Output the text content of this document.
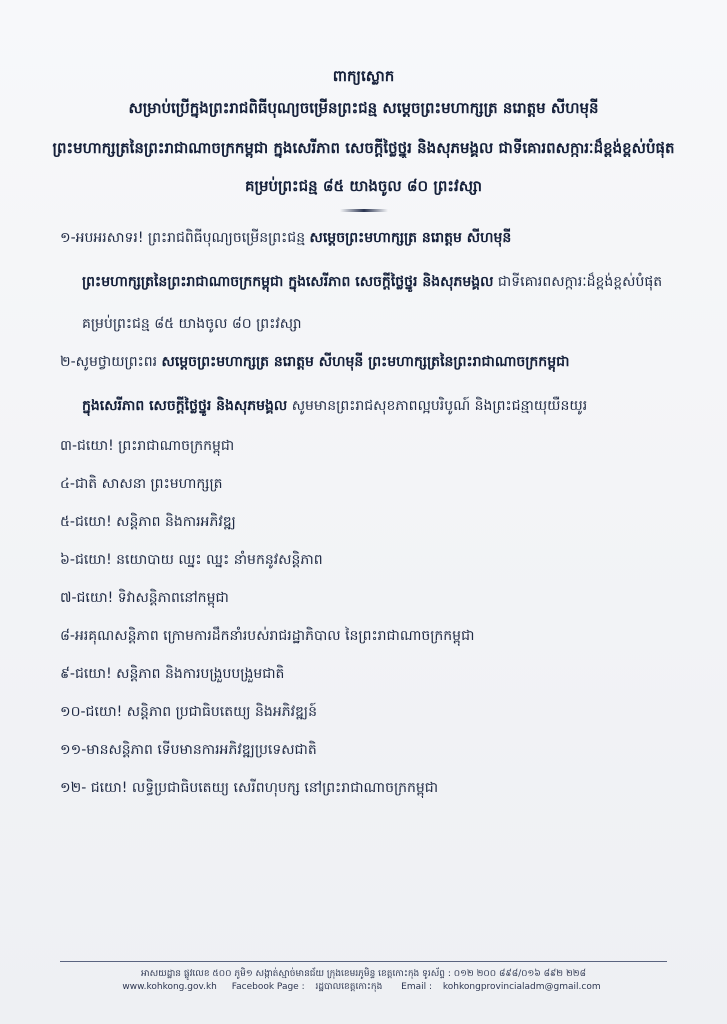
ពាក្យស្លោក
សម្រាប់ប្រើក្នុងព្រះរាជពិធីបុណ្យចម្រើនព្រះជន្ម សម្ដេចព្រះមហាក្សត្រ នរោត្តម សីហមុនី
ព្រះមហាក្សត្រនៃព្រះរាជាណាចក្រកម្ពុជា ក្នុងសេរីភាព សេចក្ដីថ្លៃថ្នូរ និងសុភមង្គល ជាទីគោរពសក្ការៈដ៏ខ្ពង់ខ្ពស់បំផុត
គម្រប់ព្រះជន្ម ៨៥ យាងចូល ៨០ ព្រះវស្សា
១-អបអរសាទរ! ព្រះរាជពិធីបុណ្យចម្រើនព្រះជន្ម សម្ដេចព្រះមហាក្សត្រ នរោត្តម សីហមុនី
ព្រះមហាក្សត្រនៃព្រះរាជាណាចក្រកម្ពុជា ក្នុងសេរីភាព សេចក្ដីថ្លៃថ្នូរ និងសុភមង្គល ជាទីគោរពសក្ការៈដ៏ខ្ពង់ខ្ពស់បំផុត
គម្រប់ព្រះជន្ម ៨៥ យាងចូល ៨០ ព្រះវស្សា
២-សូមថ្វាយព្រះពរ សម្ដេចព្រះមហាក្សត្រ នរោត្តម សីហមុនី ព្រះមហាក្សត្រនៃព្រះរាជាណាចក្រកម្ពុជា
ក្នុងសេរីភាព សេចក្ដីថ្លៃថ្នូរ និងសុភមង្គល សូមមានព្រះរាជសុខភាពល្អបរិបូណ៍ និងព្រះជន្មាយុយឺនយូរ
៣-ជយោ! ព្រះរាជាណាចក្រកម្ពុជា
៤-ជាតិ សាសនា ព្រះមហាក្សត្រ
៥-ជយោ! សន្តិភាព និងការអភិវឌ្ឍ
៦-ជយោ! នយោបាយ ឈ្នះ ឈ្នះ នាំមកនូវសន្តិភាព
៧-ជយោ! ទិវាសន្តិភាពនៅកម្ពុជា
៨-អរគុណសន្តិភាព ក្រោមការដឹកនាំរបស់រាជរដ្ឋាភិបាល នៃព្រះរាជាណាចក្រកម្ពុជា
៩-ជយោ! សន្តិភាព និងការបង្រួបបង្រួមជាតិ
១០-ជយោ! សន្តិភាព ប្រជាធិបតេយ្យ និងអភិវឌ្ឍន៍
១១-មានសន្តិភាព ទើបមានការអភិវឌ្ឍប្រទេសជាតិ
១២- ជយោ! លទ្ធិប្រជាធិបតេយ្យ សេរីពហុបក្ស នៅព្រះរាជាណាចក្រកម្ពុជា
អាសយដ្ឋាន ផ្លូវលេខ ៥០០ ភូមិ១ សង្កាត់ស្មាច់មានជ័យ ក្រុងខេមរភូមិន្ទ ខេត្តកោះកុង ទូរស័ព្ទ : ០១២ ២០០ ៨៩៨/០១៦ ៨៩២ ២២៨
www.kohkong.gov.kh Facebook Page : រដ្ឋបាលខេត្តកោះកុង Email : kohkongprovincialadm@gmail.com
